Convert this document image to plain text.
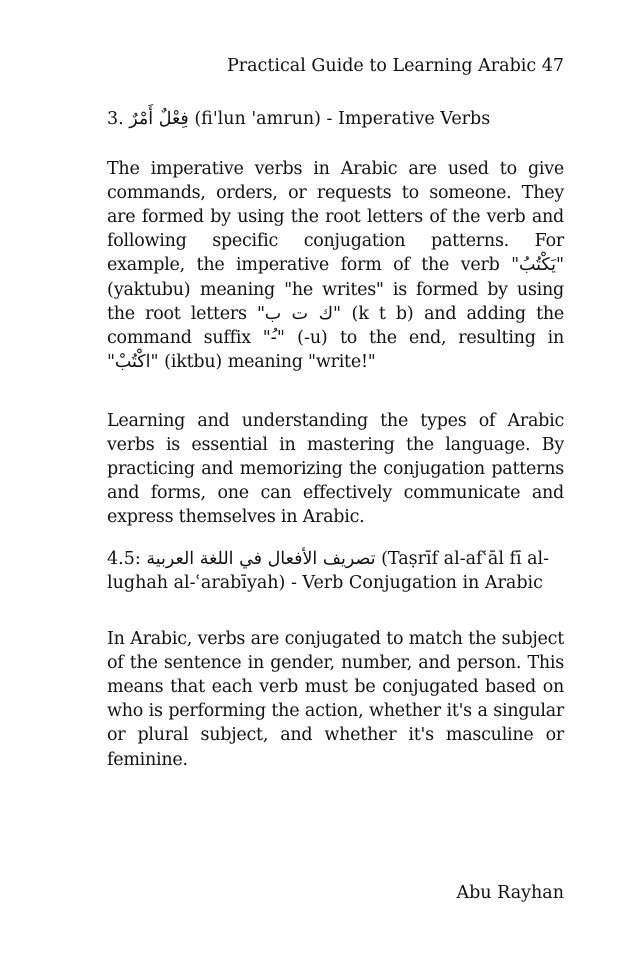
Practical Guide to Learning Arabic 47
3. فِعْلٌ أَمْرٌ (fi'lun 'amrun) - Imperative Verbs

The imperative verbs in Arabic are used to give commands, orders, or requests to someone. They are formed by using the root letters of the verb and following specific conjugation patterns. For example, the imperative form of the verb "يَكْتُبُ" (yaktubu) meaning "he writes" is formed by using the root letters "ك ت ب" (k t b) and adding the command suffix "-ُ" (-u) to the end, resulting in "اكْتُبْ" (iktbu) meaning "write!"

Learning and understanding the types of Arabic verbs is essential in mastering the language. By practicing and memorizing the conjugation patterns and forms, one can effectively communicate and express themselves in Arabic.

4.5: تصريف الأفعال في اللغة العربية (Taṣrīf al-afʿāl fī al-lughah al-ʿarabīyah) - Verb Conjugation in Arabic

In Arabic, verbs are conjugated to match the subject of the sentence in gender, number, and person. This means that each verb must be conjugated based on who is performing the action, whether it's a singular or plural subject, and whether it's masculine or feminine.

Abu Rayhan
